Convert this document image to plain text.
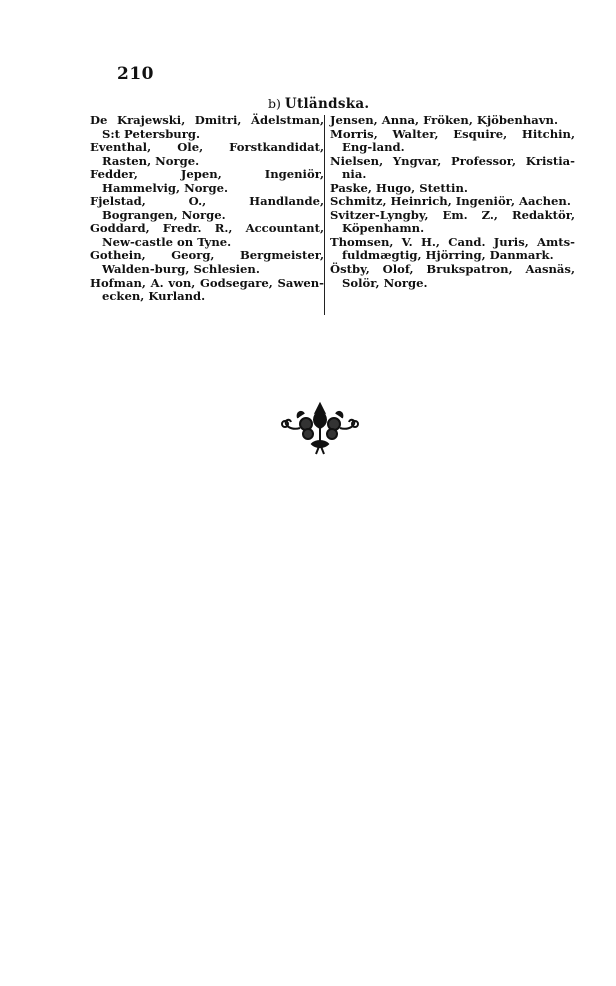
210
b) Utländska.
De Krajewski, Dmitri, Ädelstman, S:t Petersburg.
Eventhal, Ole, Forstkandidat, Rasten, Norge.
Fedder, Jepen, Ingeniör, Hammelvig, Norge.
Fjelstad, O., Handlande, Bograngen, Norge.
Goddard, Fredr. R., Accountant, New-castle on Tyne.
Gothein, Georg, Bergmeister, Walden-burg, Schlesien.
Hofman, A. von, Godsegare, Sawen-ecken, Kurland.
Jensen, Anna, Fröken, Kjöbenhavn.
Morris, Walter, Esquire, Hitchin, Eng-land.
Nielsen, Yngvar, Professor, Kristia-nia.
Paske, Hugo, Stettin.
Schmitz, Heinrich, Ingeniör, Aachen.
Svitzer-Lyngby, Em. Z., Redaktör, Köpenhamn.
Thomsen, V. H., Cand. Juris, Amts-fuldmægtig, Hjörring, Danmark.
Östby, Olof, Brukspatron, Aasnäs, Solör, Norge.
